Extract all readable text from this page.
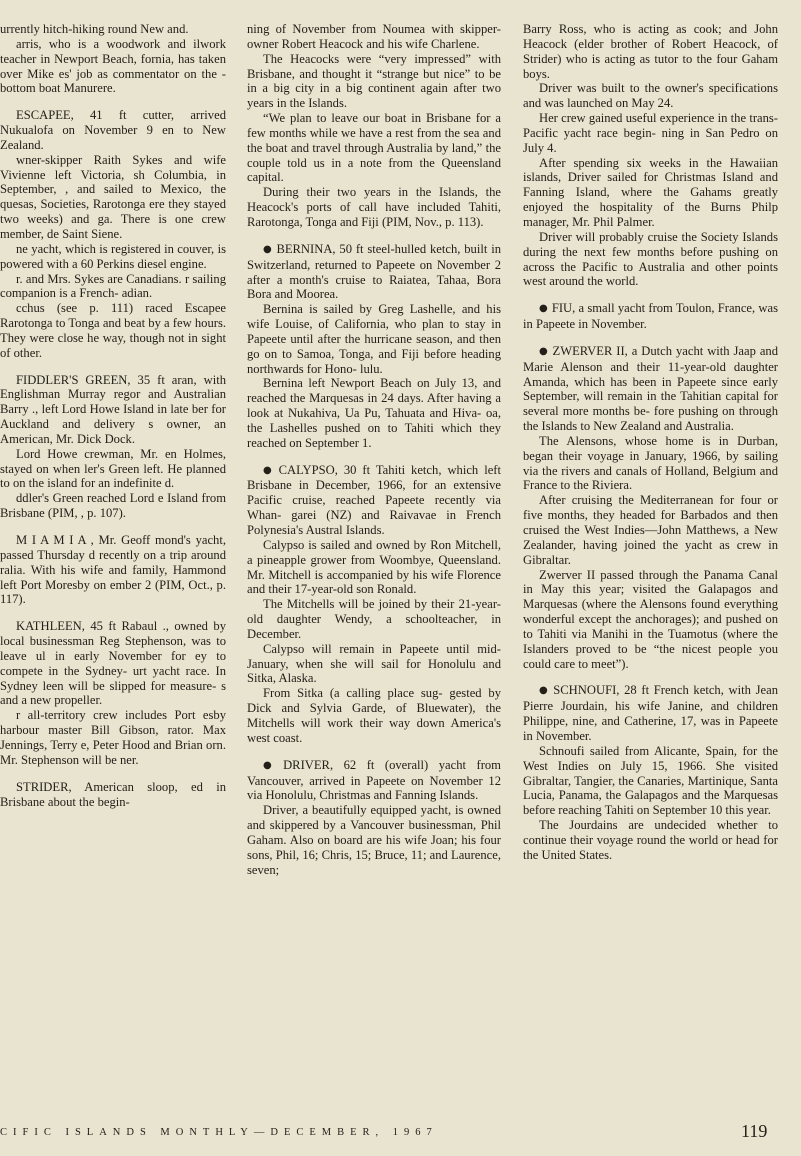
urrently hitch-hiking round New and.

arris, who is a woodwork and ilwork teacher in Newport Beach, fornia, has taken over Mike es' job as commentator on the -bottom boat Manurere.

ESCAPEE, 41 ft cutter, arrived Nukualofa on November 9 en to New Zealand.

wner-skipper Raith Sykes and wife Vivienne left Victoria, sh Columbia, in September, , and sailed to Mexico, the quesas, Societies, Rarotonga ere they stayed two weeks) and ga. There is one crew member, de Saint Siene.

ne yacht, which is registered in couver, is powered with a 60 Perkins diesel engine.

r. and Mrs. Sykes are Canadians. r sailing companion is a French- adian.

cchus (see p. 111) raced Escapee Rarotonga to Tonga and beat by a few hours. They were close he way, though not in sight of other.

FIDDLER'S GREEN, 35 ft aran, with Englishman Murray regor and Australian Barry ., left Lord Howe Island in late ber for Auckland and delivery s owner, an American, Mr. Dick Dock.

Lord Howe crewman, Mr. en Holmes, stayed on when ler's Green left. He planned to on the island for an indefinite d.

ddler's Green reached Lord e Island from Brisbane (PIM, , p. 107).

M I A M I A , Mr. Geoff mond's yacht, passed Thursday d recently on a trip around ralia. With his wife and family, Hammond left Port Moresby on ember 2 (PIM, Oct., p. 117).

KATHLEEN, 45 ft Rabaul ., owned by local businessman Reg Stephenson, was to leave ul in early November for ey to compete in the Sydney- urt yacht race. In Sydney leen will be slipped for measure- s and a new propeller.

r all-territory crew includes Port esby harbour master Bill Gibson, rator. Max Jennings, Terry e, Peter Hood and Brian orn. Mr. Stephenson will be ner.

STRIDER, American sloop, ed in Brisbane about the begin-

ning of November from Noumea with skipper-owner Robert Heacock and his wife Charlene.

The Heacocks were “very impressed” with Brisbane, and thought it “strange but nice” to be in a big city in a big continent again after two years in the Islands.

“We plan to leave our boat in Brisbane for a few months while we have a rest from the sea and the boat and travel through Australia by land,” the couple told us in a note from the Queensland capital.

During their two years in the Islands, the Heacock's ports of call have included Tahiti, Rarotonga, Tonga and Fiji (PIM, Nov., p. 113).

● BERNINA, 50 ft steel-hulled ketch, built in Switzerland, returned to Papeete on November 2 after a month's cruise to Raiatea, Tahaa, Bora Bora and Moorea.

Bernina is sailed by Greg Lashelle, and his wife Louise, of California, who plan to stay in Papeete until after the hurricane season, and then go on to Samoa, Tonga, and Fiji before heading northwards for Hono- lulu.

Bernina left Newport Beach on July 13, and reached the Marquesas in 24 days. After having a look at Nukahiva, Ua Pu, Tahuata and Hiva- oa, the Lashelles pushed on to Tahiti which they reached on September 1.

● CALYPSO, 30 ft Tahiti ketch, which left Brisbane in December, 1966, for an extensive Pacific cruise, reached Papeete recently via Whan- garei (NZ) and Raivavae in French Polynesia's Austral Islands.

Calypso is sailed and owned by Ron Mitchell, a pineapple grower from Woombye, Queensland. Mr. Mitchell is accompanied by his wife Florence and their 17-year-old son Ronald.

The Mitchells will be joined by their 21-year-old daughter Wendy, a schoolteacher, in December.

Calypso will remain in Papeete until mid-January, when she will sail for Honolulu and Sitka, Alaska.

From Sitka (a calling place sug- gested by Dick and Sylvia Garde, of Bluewater), the Mitchells will work their way down America's west coast.

● DRIVER, 62 ft (overall) yacht from Vancouver, arrived in Papeete on November 12 via Honolulu, Christmas and Fanning Islands.

Driver, a beautifully equipped yacht, is owned and skippered by a Vancouver businessman, Phil Gaham. Also on board are his wife Joan; his four sons, Phil, 16; Chris, 15; Bruce, 11; and Laurence, seven;

Barry Ross, who is acting as cook; and John Heacock (elder brother of Robert Heacock, of Strider) who is acting as tutor to the four Gaham boys.

Driver was built to the owner's specifications and was launched on May 24.

Her crew gained useful experience in the trans-Pacific yacht race begin- ning in San Pedro on July 4.

After spending six weeks in the Hawaiian islands, Driver sailed for Christmas Island and Fanning Island, where the Gahams greatly enjoyed the hospitality of the Burns Philp manager, Mr. Phil Palmer.

Driver will probably cruise the Society Islands during the next few months before pushing on across the Pacific to Australia and other points west around the world.

● FIU, a small yacht from Toulon, France, was in Papeete in November.

● ZWERVER II, a Dutch yacht with Jaap and Marie Alenson and their 11-year-old daughter Amanda, which has been in Papeete since early September, will remain in the Tahitian capital for several more months be- fore pushing on through the Islands to New Zealand and Australia.

The Alensons, whose home is in Durban, began their voyage in January, 1966, by sailing via the rivers and canals of Holland, Belgium and France to the Riviera.

After cruising the Mediterranean for four or five months, they headed for Barbados and then cruised the West Indies—John Matthews, a New Zealander, having joined the yacht as crew in Gibraltar.

Zwerver II passed through the Panama Canal in May this year; visited the Galapagos and Marquesas (where the Alensons found everything wonderful except the anchorages); and pushed on to Tahiti via Manihi in the Tuamotus (where the Islanders proved to be “the nicest people you could care to meet”).

● SCHNOUFI, 28 ft French ketch, with Jean Pierre Jourdain, his wife Janine, and children Philippe, nine, and Catherine, 17, was in Papeete in November.

Schnoufi sailed from Alicante, Spain, for the West Indies on July 15, 1966. She visited Gibraltar, Tangier, the Canaries, Martinique, Santa Lucia, Panama, the Galapagos and the Marquesas before reaching Tahiti on September 10 this year.

The Jourdains are undecided whether to continue their voyage round the world or head for the United States.

CIFIC ISLANDS MONTHLY—DECEMBER, 1967	119
